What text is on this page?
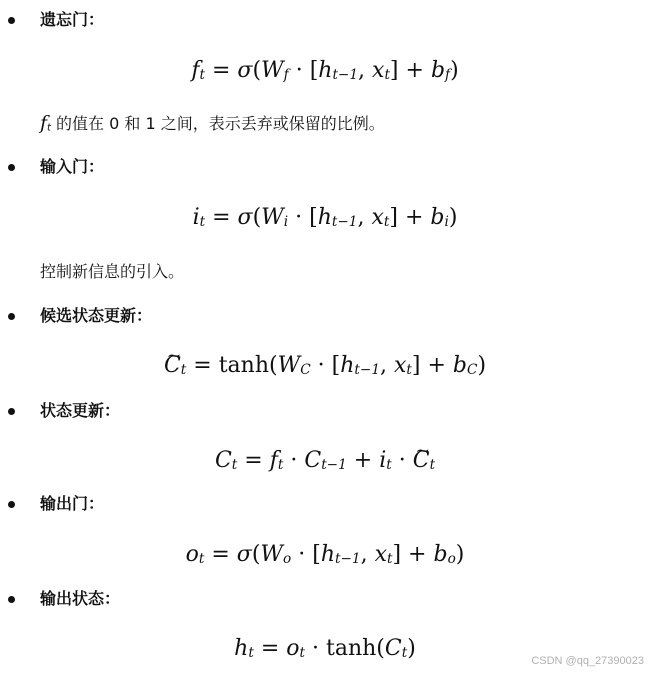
遗忘门：
ft = σ(Wf · [ht−1, xt] + bf)
ft 的值在 0 和 1 之间，表示丢弃或保留的比例。
输入门：
it = σ(Wi · [ht−1, xt] + bi)
控制新信息的引入。
候选状态更新：
~ Ct = tanh(WC · [ht−1, xt] + bC)
状态更新：
Ct = ft · Ct−1 + it · ~ Ct
输出门：
ot = σ(Wo · [ht−1, xt] + bo)
输出状态：
ht = ot · tanh(Ct)	CSDN @qq_27390023
